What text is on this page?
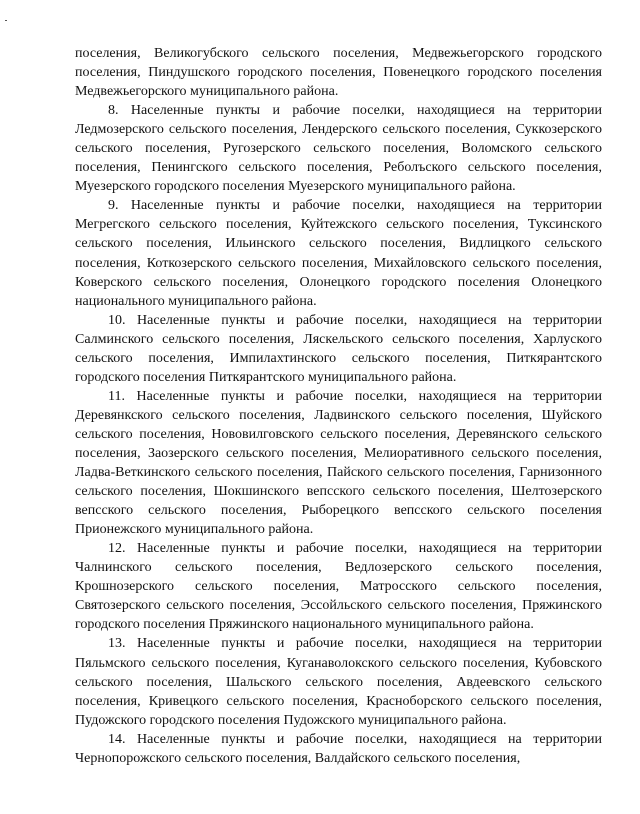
поселения, Великогубского сельского поселения, Медвежьегорского городского поселения, Пиндушского городского поселения, Повенецкого городского поселения Медвежьегорского муниципального района.

8. Населенные пункты и рабочие поселки, находящиеся на территории Ледмозерского сельского поселения, Лендерского сельского поселения, Суккозерского сельского поселения, Ругозерского сельского поселения, Воломского сельского поселения, Пенингского сельского поселения, Реболъского сельского поселения, Муезерского городского поселения Муезерского муниципального района.

9. Населенные пункты и рабочие поселки, находящиеся на территории Мегрегского сельского поселения, Куйтежского сельского поселения, Туксинского сельского поселения, Ильинского сельского поселения, Видлицкого сельского поселения, Коткозерского сельского поселения, Михайловского сельского поселения, Коверского сельского поселения, Олонецкого городского поселения Олонецкого национального муниципального района.

10. Населенные пункты и рабочие поселки, находящиеся на территории Салминского сельского поселения, Ляскельского сельского поселения, Харлуского сельского поселения, Импилахтинского сельского поселения, Питкярантского городского поселения Питкярантского муниципального района.

11. Населенные пункты и рабочие поселки, находящиеся на территории Деревянкского сельского поселения, Ладвинского сельского поселения, Шуйского сельского поселения, Нововилговского сельского поселения, Деревянского сельского поселения, Заозерского сельского поселения, Мелиоративного сельского поселения, Ладва-Веткинского сельского поселения, Пайского сельского поселения, Гарнизонного сельского поселения, Шокшинского вепсского сельского поселения, Шелтозерского вепсского сельского поселения, Рыборецкого вепсского сельского поселения Прионежского муниципального района.

12. Населенные пункты и рабочие поселки, находящиеся на территории Чалнинского сельского поселения, Ведлозерского сельского поселения, Крошнозерского сельского поселения, Матросского сельского поселения, Святозерского сельского поселения, Эссойльского сельского поселения, Пряжинского городского поселения Пряжинского национального муниципального района.

13. Населенные пункты и рабочие поселки, находящиеся на территории Пяльмского сельского поселения, Куганаволокского сельского поселения, Кубовского сельского поселения, Шальского сельского поселения, Авдеевского сельского поселения, Кривецкого сельского поселения, Красноборского сельского поселения, Пудожского городского поселения Пудожского муниципального района.

14. Населенные пункты и рабочие поселки, находящиеся на территории Чернопорожского сельского поселения, Валдайского сельского поселения,
